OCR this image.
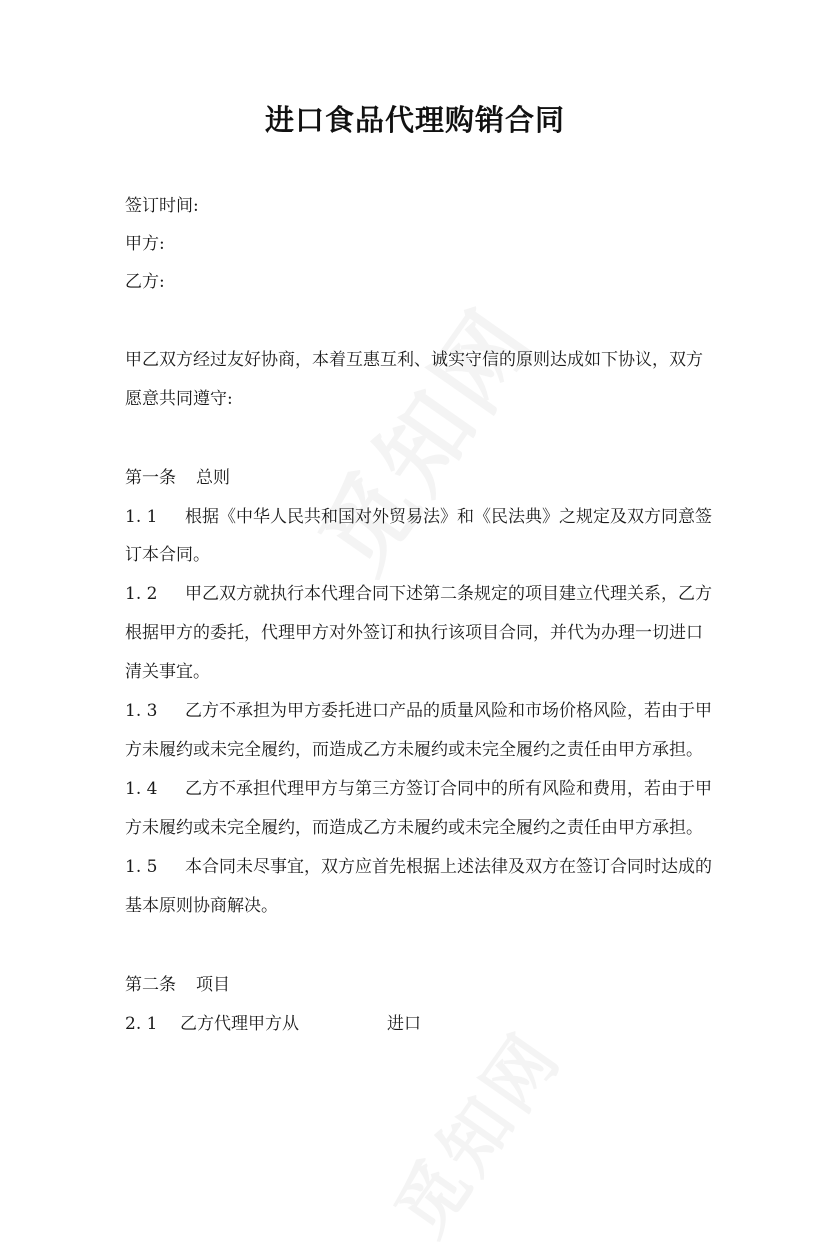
进口食品代理购销合同
签订时间:
甲方:
乙方:
甲乙双方经过友好协商，本着互惠互利、诚实守信的原则达成如下协议，双方
愿意共同遵守:
第一条 总则
1. 1 根据《中华人民共和国对外贸易法》和《民法典》之规定及双方同意签
订本合同。
1. 2 甲乙双方就执行本代理合同下述第二条规定的项目建立代理关系，乙方
根据甲方的委托，代理甲方对外签订和执行该项目合同，并代为办理一切进口
清关事宜。
1. 3 乙方不承担为甲方委托进口产品的质量风险和市场价格风险，若由于甲
方未履约或未完全履约，而造成乙方未履约或未完全履约之责任由甲方承担。
1. 4 乙方不承担代理甲方与第三方签订合同中的所有风险和费用，若由于甲
方未履约或未完全履约，而造成乙方未履约或未完全履约之责任由甲方承担。
1. 5 本合同未尽事宜，双方应首先根据上述法律及双方在签订合同时达成的
基本原则协商解决。
第二条 项目
2. 1 乙方代理甲方从	进口
